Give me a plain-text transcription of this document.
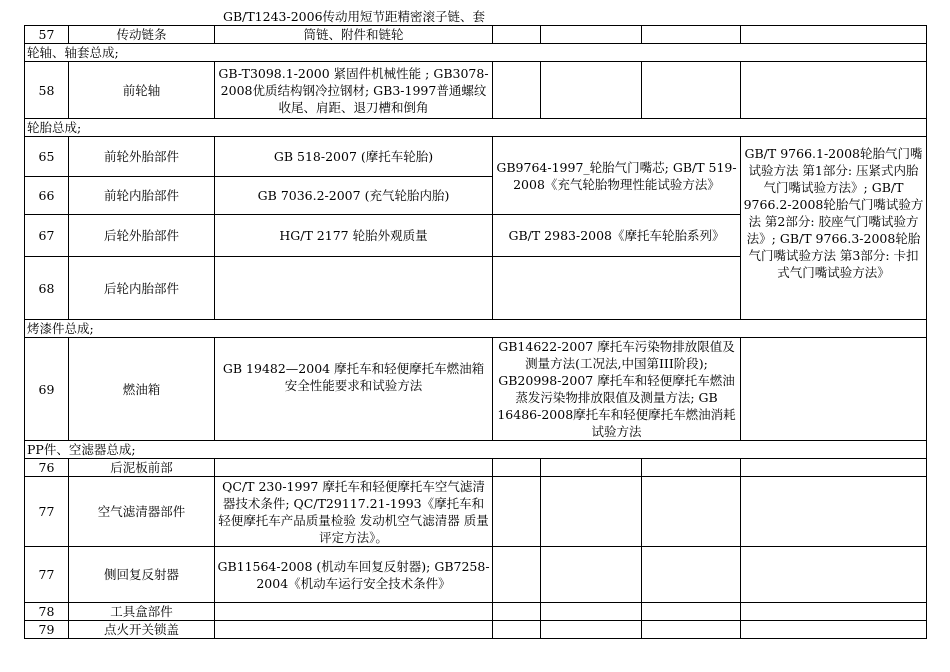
GB/T1243-2006传动用短节距精密滚子链、套
57	传动链条	筒链、附件和链轮				
轮轴、轴套总成;						
58	前轮轴	GB-T3098.1-2000 紧固件机械性能 ; GB3078-2008优质结构钢冷拉钢材; GB3-1997普通螺纹收尾、肩距、退刀槽和倒角				
轮胎总成;						
65	前轮外胎部件	GB 518-2007 (摩托车轮胎)	GB9764-1997_轮胎气门嘴芯; GB/T 519-2008《充气轮胎物理性能试验方法》			GB/T 9766.1-2008轮胎气门嘴试验方法 第1部分: 压紧式内胎气门嘴试验方法》; GB/T 9766.2-2008轮胎气门嘴试验方法 第2部分: 胶座气门嘴试验方法》; GB/T 9766.3-2008轮胎气门嘴试验方法 第3部分: 卡扣式气门嘴试验方法》
66	前轮内胎部件	GB 7036.2-2007 (充气轮胎内胎)				
67	后轮外胎部件	HG/T 2177 轮胎外观质量	GB/T 2983-2008《摩托车轮胎系列》			
68	后轮内胎部件					
烤漆件总成;						
69	燃油箱	GB 19482—2004 摩托车和轻便摩托车燃油箱安全性能要求和试验方法	GB14622-2007 摩托车污染物排放限值及测量方法(工况法,中国第III阶段); GB20998-2007 摩托车和轻便摩托车燃油蒸发污染物排放限值及测量方法; GB 16486-2008摩托车和轻便摩托车燃油消耗试验方法			
PP件、空滤器总成;						
76	后泥板前部					
77	空气滤清器部件	QC/T 230-1997 摩托车和轻便摩托车空气滤清器技术条件; QC/T29117.21-1993《摩托车和轻便摩托车产品质量检验 发动机空气滤清器 质量评定方法》。				
77	侧回复反射器	GB11564-2008 (机动车回复反射器); GB7258-2004《机动车运行安全技术条件》				
78	工具盒部件					
79	点火开关锁盖					
